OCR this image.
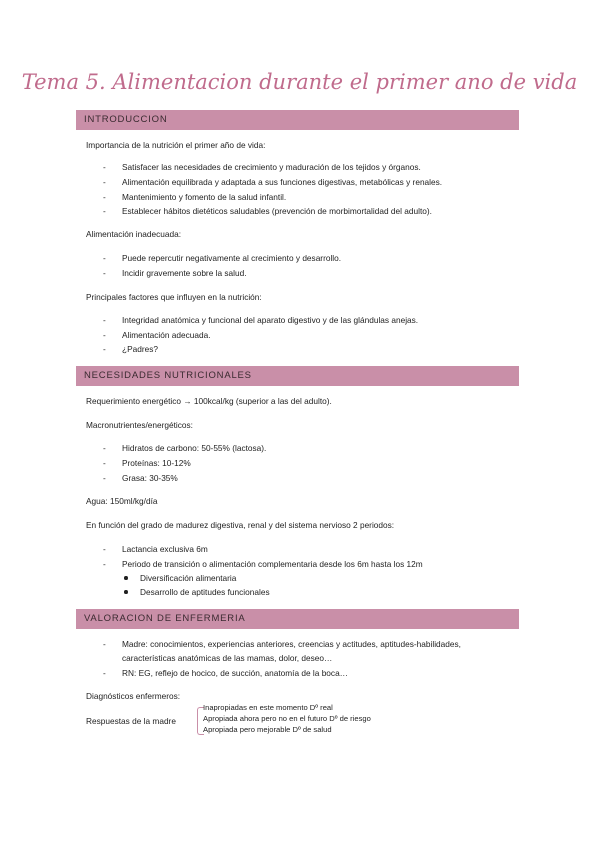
Tema 5. Alimentacion durante el primer ano de vida
INTRODUCCION
Importancia de la nutrición el primer año de vida:
- Satisfacer las necesidades de crecimiento y maduración de los tejidos y órganos.
- Alimentación equilibrada y adaptada a sus funciones digestivas, metabólicas y renales.
- Mantenimiento y fomento de la salud infantil.
- Establecer hábitos dietéticos saludables (prevención de morbimortalidad del adulto).
Alimentación inadecuada:
- Puede repercutir negativamente al crecimiento y desarrollo.
- Incidir gravemente sobre la salud.
Principales factores que influyen en la nutrición:
- Integridad anatómica y funcional del aparato digestivo y de las glándulas anejas.
- Alimentación adecuada.
- ¿Padres?
NECESIDADES NUTRICIONALES
Requerimiento energético → 100kcal/kg (superior a las del adulto).
Macronutrientes/energéticos:
- Hidratos de carbono: 50-55% (lactosa).
- Proteínas: 10-12%
- Grasa: 30-35%
Agua: 150ml/kg/día
En función del grado de madurez digestiva, renal y del sistema nervioso 2 periodos:
- Lactancia exclusiva 6m
- Periodo de transición o alimentación complementaria desde los 6m hasta los 12m
Diversificación alimentaria
Desarrollo de aptitudes funcionales
VALORACION DE ENFERMERIA
- Madre: conocimientos, experiencias anteriores, creencias y actitudes, aptitudes-habilidades,
características anatómicas de las mamas, dolor, deseo…
- RN: EG, reflejo de hocico, de succión, anatomía de la boca…
Diagnósticos enfermeros:
Respuestas de la madre
Inapropiadas en este momento Dº real
Apropiada ahora pero no en el futuro Dº de riesgo
Apropiada pero mejorable Dº de salud
